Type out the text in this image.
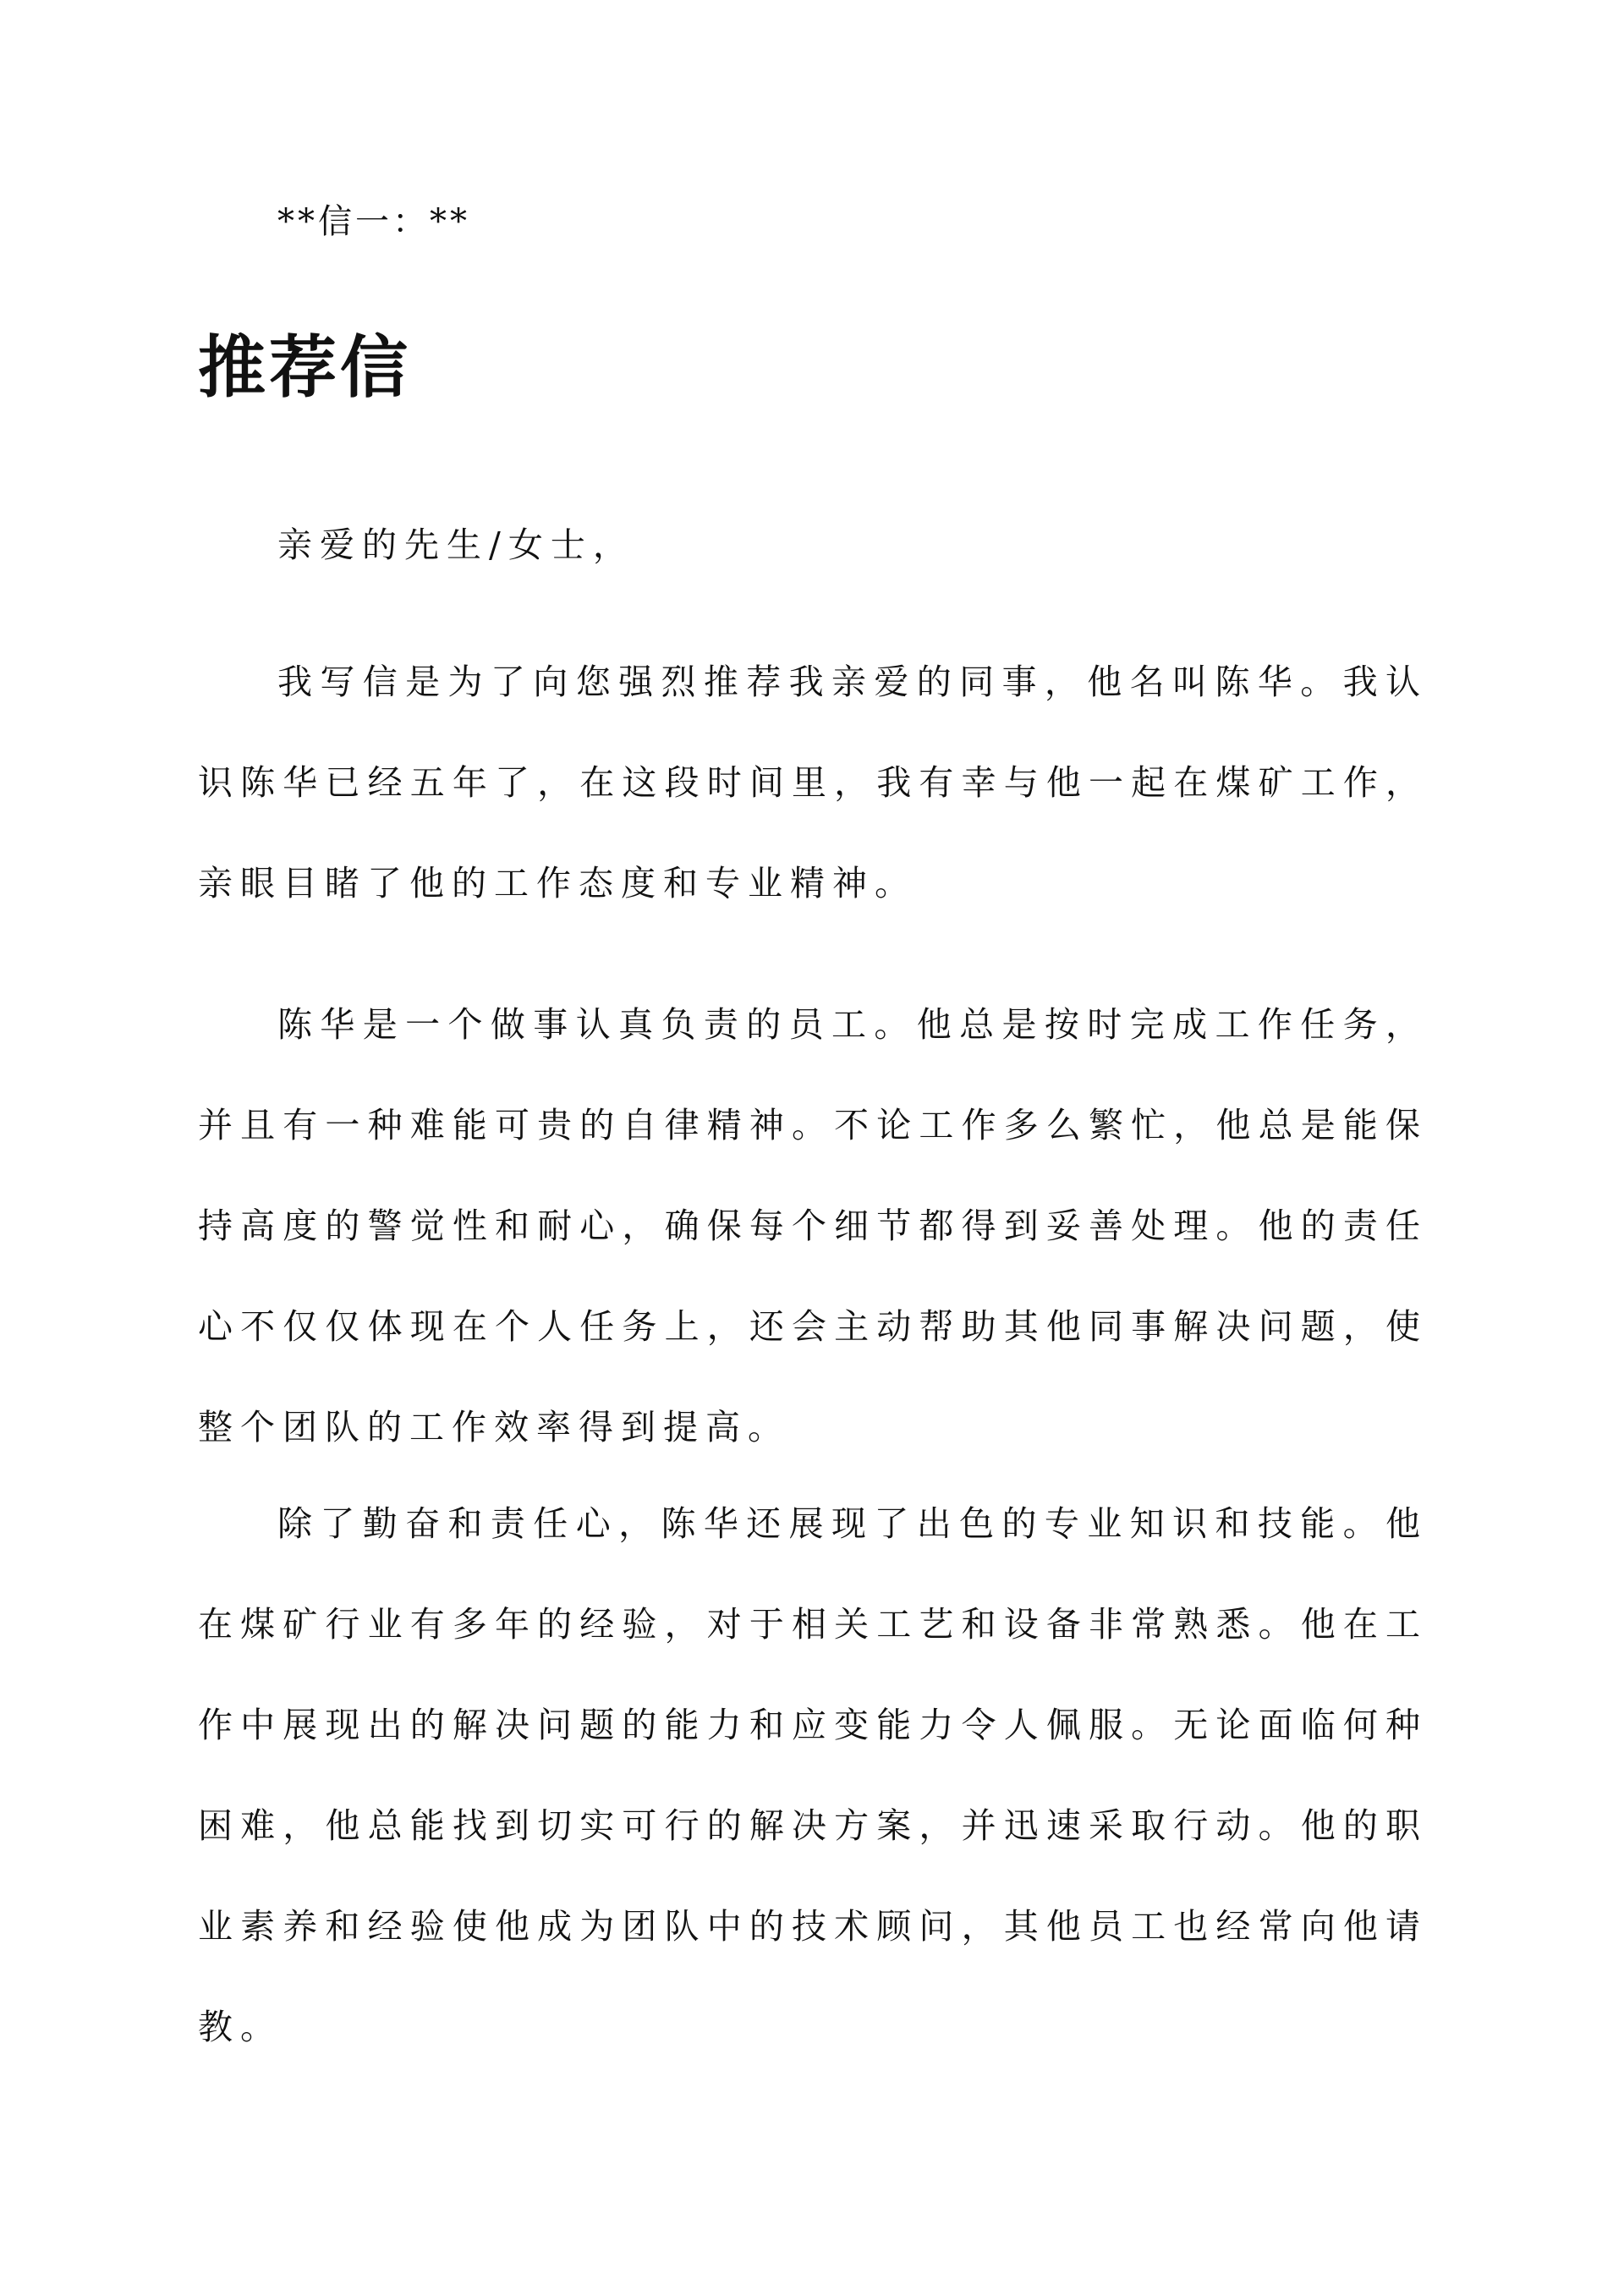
**信一：**
推荐信

亲爱的先生/女士，

我写信是为了向您强烈推荐我亲爱的同事，他名叫陈华。我认识陈华已经五年了，在这段时间里，我有幸与他一起在煤矿工作，亲眼目睹了他的工作态度和专业精神。

陈华是一个做事认真负责的员工。他总是按时完成工作任务，并且有一种难能可贵的自律精神。不论工作多么繁忙，他总是能保持高度的警觉性和耐心，确保每个细节都得到妥善处理。他的责任心不仅仅体现在个人任务上，还会主动帮助其他同事解决问题，使整个团队的工作效率得到提高。

除了勤奋和责任心，陈华还展现了出色的专业知识和技能。他在煤矿行业有多年的经验，对于相关工艺和设备非常熟悉。他在工作中展现出的解决问题的能力和应变能力令人佩服。无论面临何种困难，他总能找到切实可行的解决方案，并迅速采取行动。他的职业素养和经验使他成为团队中的技术顾问，其他员工也经常向他请教。
